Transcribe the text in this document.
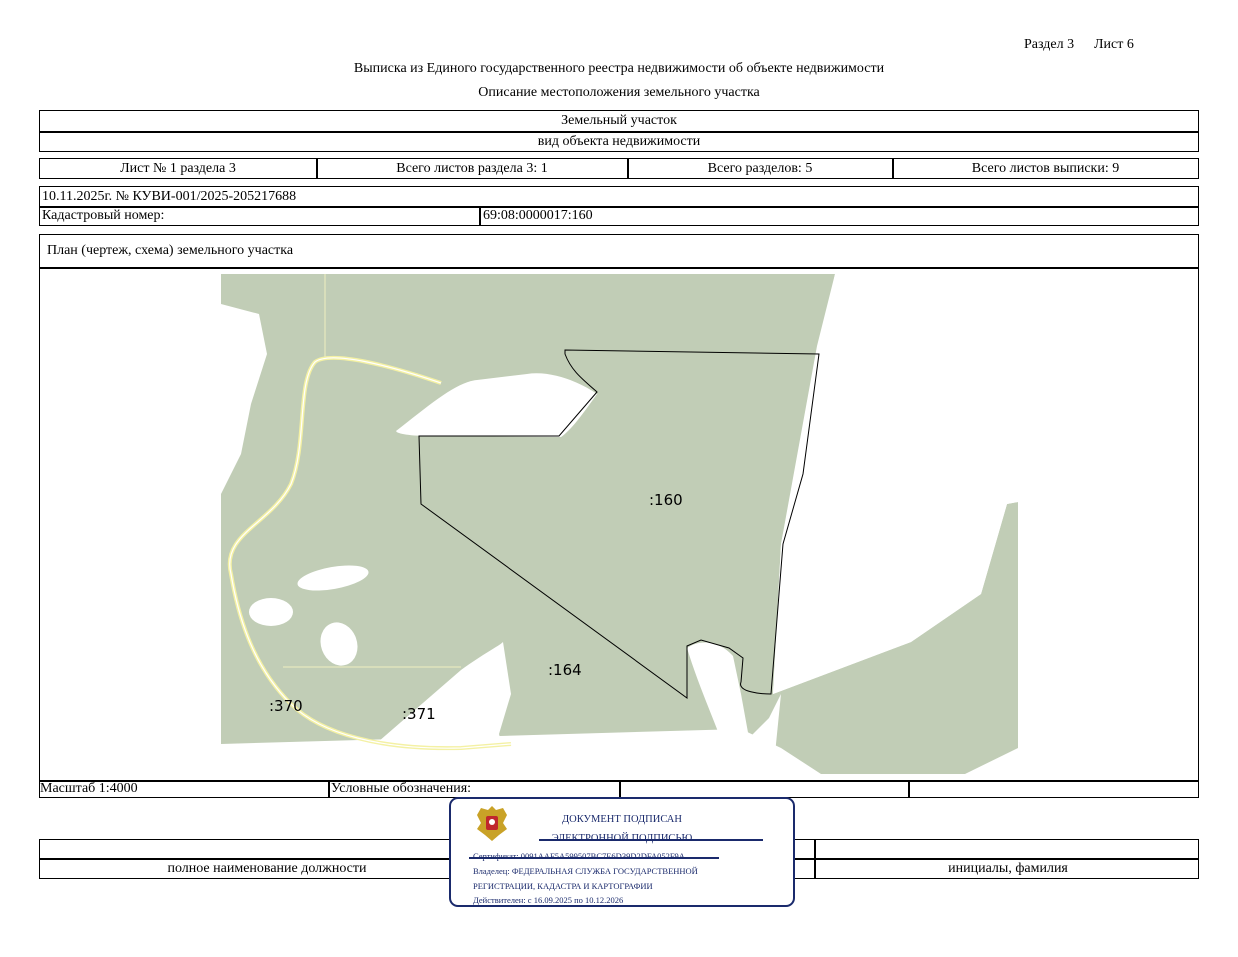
Раздел 3 Лист 6
Выписка из Единого государственного реестра недвижимости об объекте недвижимости
Описание местоположения земельного участка
Земельный участок
вид объекта недвижимости
Лист № 1 раздела 3	Всего листов раздела 3: 1	Всего разделов: 5	Всего листов выписки: 9
10.11.2025г. № КУВИ-001/2025-205217688
Кадастровый номер:	69:08:0000017:160
План (чертеж, схема) земельного участка
:160
:164
:370	:371
Масштаб 1:4000	Условные обозначения:
полное наименование должности	инициалы, фамилия
ДОКУМЕНТ ПОДПИСАН
ЭЛЕКТРОННОЙ ПОДПИСЬЮ
Сертификат: 0091AAF5A599507BC7E6D39D2DFA052F9A
Владелец: ФЕДЕРАЛЬНАЯ СЛУЖБА ГОСУДАРСТВЕННОЙ
РЕГИСТРАЦИИ, КАДАСТРА И КАРТОГРАФИИ
Действителен: с 16.09.2025 по 10.12.2026
